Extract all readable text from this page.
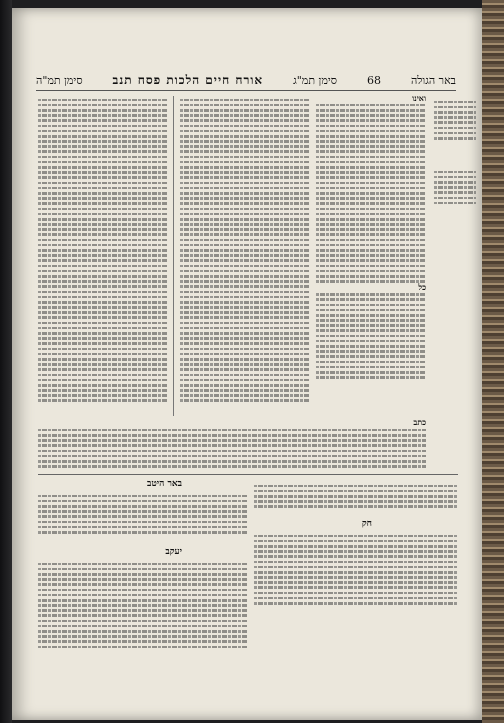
באר הגולה
68
סימן תמ"ג
אורח חיים הלכות פסח תנב
סימן תמ"ה
ואינו
כל
כתב
באר היטב
חק
יעקב
